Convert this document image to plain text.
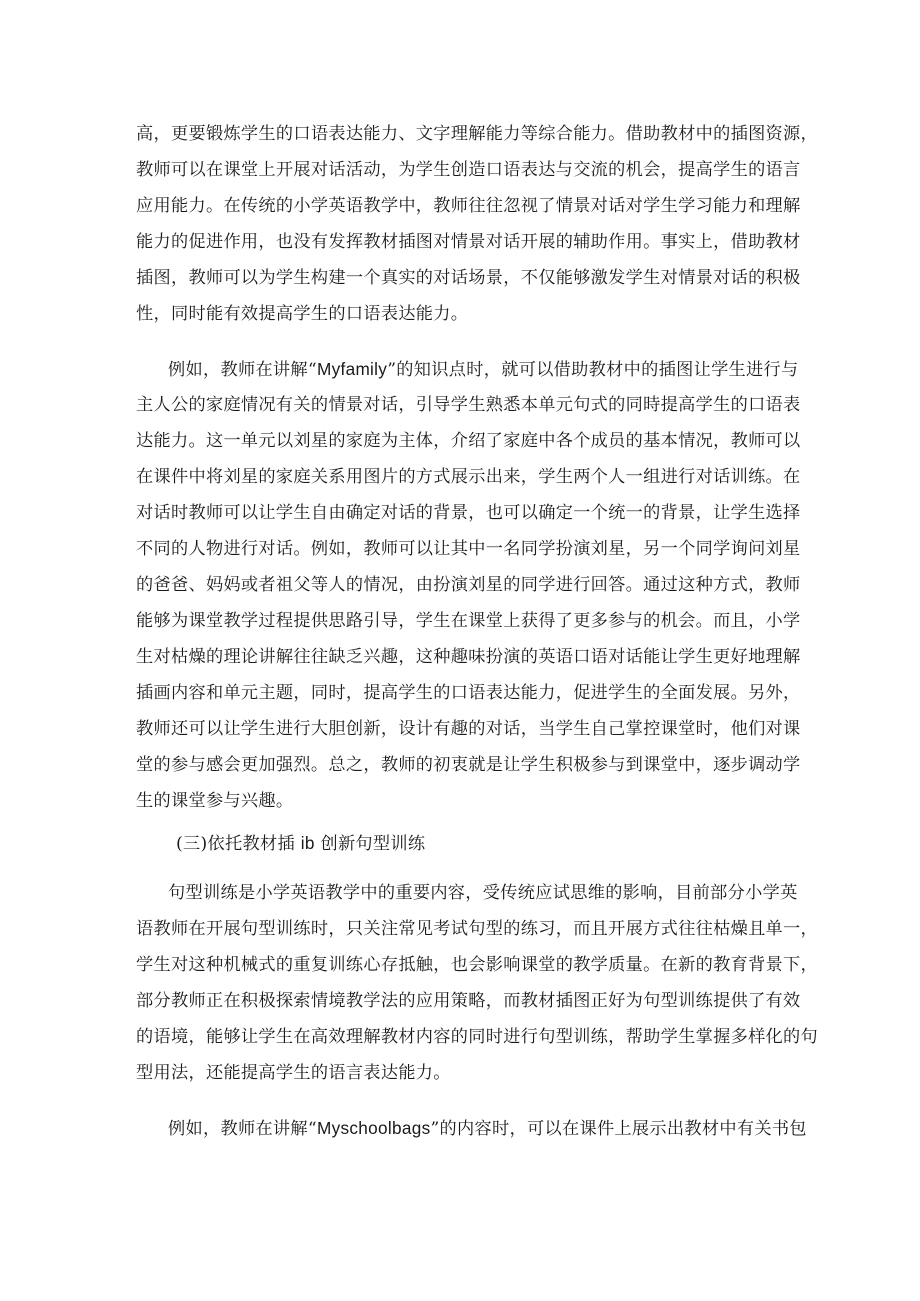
高，更要锻炼学生的口语表达能力、文字理解能力等综合能力。借助教材中的插图资源，
教师可以在课堂上开展对话活动，为学生创造口语表达与交流的机会，提高学生的语言
应用能力。在传统的小学英语教学中，教师往往忽视了情景对话对学生学习能力和理解
能力的促进作用，也没有发挥教材插图对情景对话开展的辅助作用。事实上，借助教材
插图，教师可以为学生构建一个真实的对话场景，不仅能够激发学生对情景对话的积极
性，同时能有效提高学生的口语表达能力。
例如，教师在讲解“Myfamily”的知识点时，就可以借助教材中的插图让学生进行与
主人公的家庭情况有关的情景对话，引导学生熟悉本单元句式的同時提高学生的口语表
达能力。这一单元以刘星的家庭为主体，介绍了家庭中各个成员的基本情况，教师可以
在课件中将刘星的家庭关系用图片的方式展示出来，学生两个人一组进行对话训练。在
对话时教师可以让学生自由确定对话的背景，也可以确定一个统一的背景，让学生选择
不同的人物进行对话。例如，教师可以让其中一名同学扮演刘星，另一个同学询问刘星
的爸爸、妈妈或者祖父等人的情况，由扮演刘星的同学进行回答。通过这种方式，教师
能够为课堂教学过程提供思路引导，学生在课堂上获得了更多参与的机会。而且，小学
生对枯燥的理论讲解往往缺乏兴趣，这种趣味扮演的英语口语对话能让学生更好地理解
插画内容和单元主题，同时，提高学生的口语表达能力，促进学生的全面发展。另外，
教师还可以让学生进行大胆创新，设计有趣的对话，当学生自己掌控课堂时，他们对课
堂的参与感会更加强烈。总之，教师的初衷就是让学生积极参与到课堂中，逐步调动学
生的课堂参与兴趣。
(三)依托教材插 ib 创新句型训练
句型训练是小学英语教学中的重要内容，受传统应试思维的影响，目前部分小学英
语教师在开展句型训练时，只关注常见考试句型的练习，而且开展方式往往枯燥且单一，
学生对这种机械式的重复训练心存抵触，也会影响课堂的教学质量。在新的教育背景下，
部分教师正在积极探索情境教学法的应用策略，而教材插图正好为句型训练提供了有效
的语境，能够让学生在高效理解教材内容的同时进行句型训练，帮助学生掌握多样化的句
型用法，还能提高学生的语言表达能力。
例如，教师在讲解“Myschoolbags”的内容时，可以在课件上展示出教材中有关书包
